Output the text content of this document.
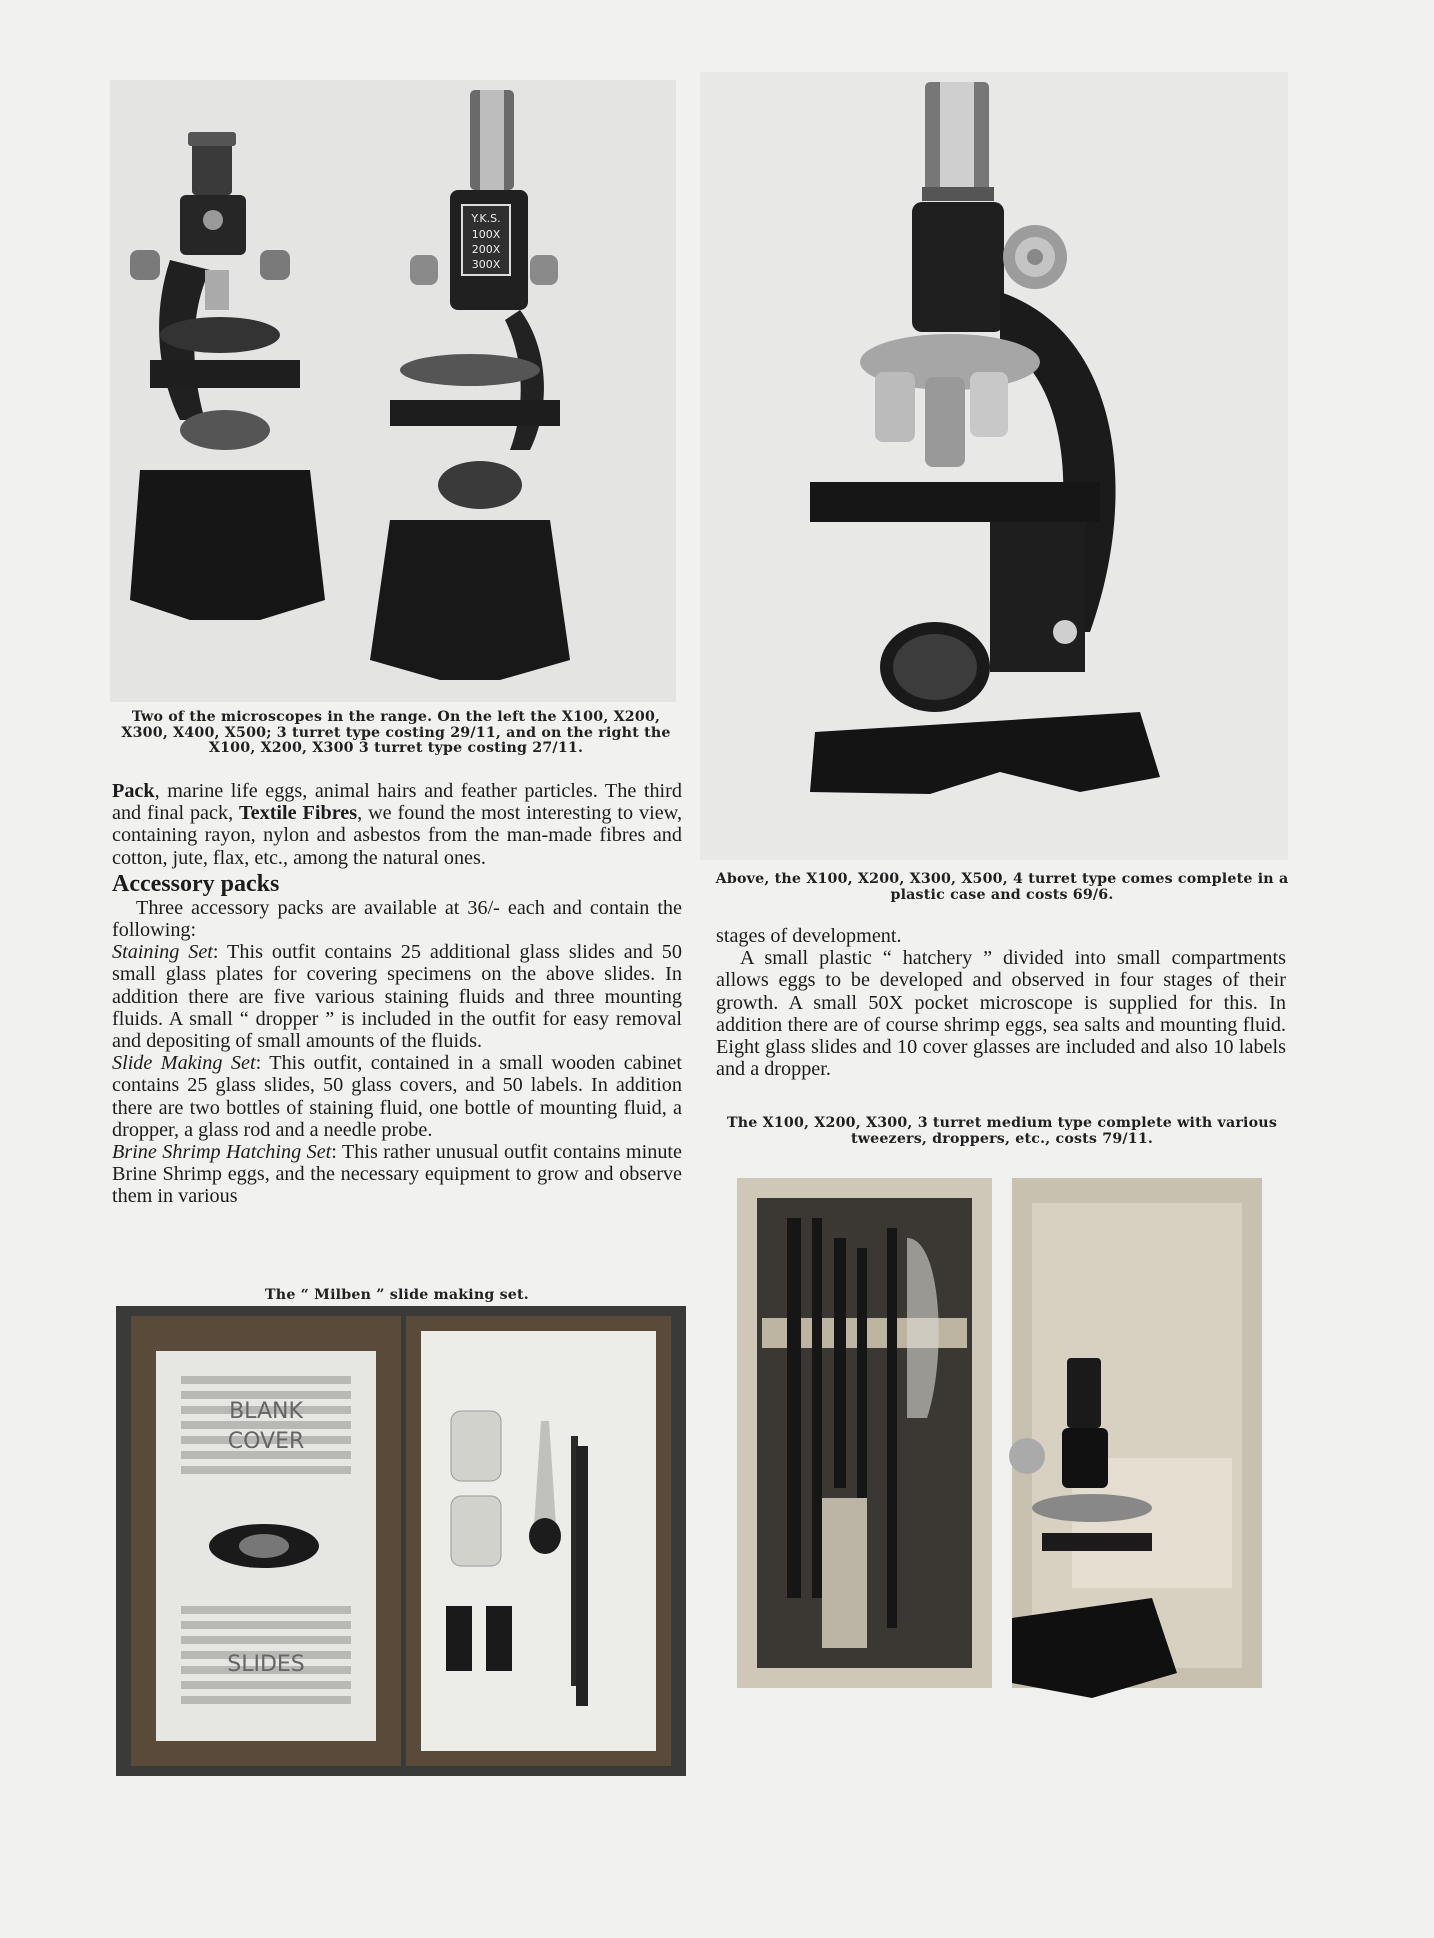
Y.K.S.
100X
200X
300X
Two of the microscopes in the range. On the left the X100, X200, X300, X400, X500; 3 turret type costing 29/11, and on the right the X100, X200, X300 3 turret type costing 27/11.
Above, the X100, X200, X300, X500, 4 turret type comes complete in a plastic case and costs 69/6.

Pack, marine life eggs, animal hairs and feather particles. The third and final pack, Textile Fibres, we found the most interesting to view, containing rayon, nylon and asbestos from the man-made fibres and cotton, jute, flax, etc., among the natural ones.

Accessory packs

Three accessory packs are available at 36/- each and contain the following:

Staining Set: This outfit contains 25 additional glass slides and 50 small glass plates for covering specimens on the above slides. In addition there are five various staining fluids and three mounting fluids. A small “ dropper ” is included in the outfit for easy removal and depositing of small amounts of the fluids.

Slide Making Set: This outfit, contained in a small wooden cabinet contains 25 glass slides, 50 glass covers, and 50 labels. In addition there are two bottles of staining fluid, one bottle of mounting fluid, a dropper, a glass rod and a needle probe.

Brine Shrimp Hatching Set: This rather unusual outfit contains minute Brine Shrimp eggs, and the necessary equipment to grow and observe them in various

stages of development.

A small plastic “ hatchery ” divided into small compartments allows eggs to be developed and observed in four stages of their growth. A small 50X pocket microscope is supplied for this. In addition there are of course shrimp eggs, sea salts and mounting fluid. Eight glass slides and 10 cover glasses are included and also 10 labels and a dropper.

The X100, X200, X300, 3 turret medium type complete with various tweezers, droppers, etc., costs 79/11.
The “ Milben ” slide making set.
BLANK
COVER
SLIDES
